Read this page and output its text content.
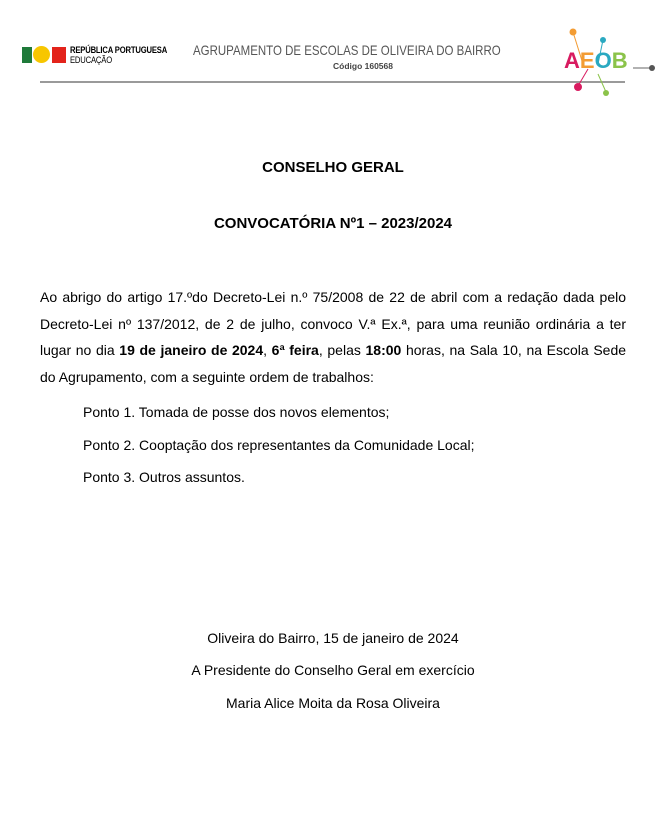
REPÚBLICA PORTUGUESA
EDUCAÇÃO
AGRUPAMENTO DE ESCOLAS DE OLIVEIRA DO BAIRRO
Código 160568	AEOB
CONSELHO GERAL
CONVOCATÓRIA Nº1 – 2023/2024
Ao abrigo do artigo 17.ºdo Decreto-Lei n.º 75/2008 de 22 de abril com a redação dada pelo Decreto-Lei nº 137/2012, de 2 de julho, convoco V.ª Ex.ª, para uma reunião ordinária a ter lugar no dia 19 de janeiro de 2024, 6ª feira, pelas 18:00 horas, na Sala 10, na Escola Sede do Agrupamento, com a seguinte ordem de trabalhos:
Ponto 1. Tomada de posse dos novos elementos;
Ponto 2. Cooptação dos representantes da Comunidade Local;
Ponto 3. Outros assuntos.
Oliveira do Bairro, 15 de janeiro de 2024
A Presidente do Conselho Geral em exercício
Maria Alice Moita da Rosa Oliveira
